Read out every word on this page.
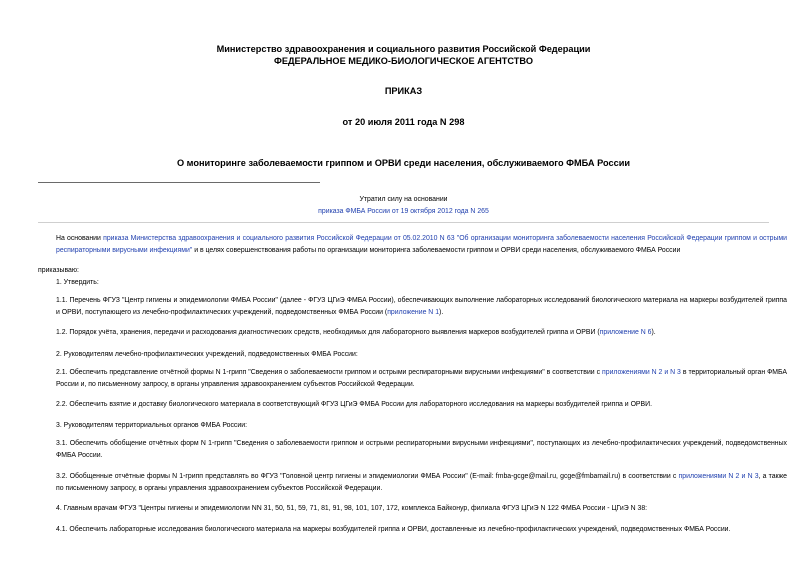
Министерство здравоохранения и социального развития Российской Федерации
ФЕДЕРАЛЬНОЕ МЕДИКО-БИОЛОГИЧЕСКОЕ АГЕНТСТВО
ПРИКАЗ
от 20 июля 2011 года N 298
О мониторинге заболеваемости гриппом и ОРВИ среди населения, обслуживаемого ФМБА России
Утратил силу на основании
приказа ФМБА России от 19 октября 2012 года N 265
На основании приказа Министерства здравоохранения и социального развития Российской Федерации от 05.02.2010 N 63 "Об организации мониторинга заболеваемости населения Российской Федерации гриппом и острыми респираторными вирусными инфекциями" и в целях совершенствования работы по организации мониторинга заболеваемости гриппом и ОРВИ среди населения, обслуживаемого ФМБА России
приказываю:
1. Утвердить:
1.1. Перечень ФГУЗ "Центр гигиены и эпидемиологии ФМБА России" (далее - ФГУЗ ЦГиЭ ФМБА России), обеспечивающих выполнение лабораторных исследований биологического материала на маркеры возбудителей гриппа и ОРВИ, поступающего из лечебно-профилактических учреждений, подведомственных ФМБА России (приложение N 1).
1.2. Порядок учёта, хранения, передачи и расходования диагностических средств, необходимых для лабораторного выявления маркеров возбудителей гриппа и ОРВИ (приложение N 6).
2. Руководителям лечебно-профилактических учреждений, подведомственных ФМБА России:
2.1. Обеспечить представление отчётной формы N 1-грипп "Сведения о заболеваемости гриппом и острыми респираторными вирусными инфекциями" в соответствии с приложениями N 2 и N 3 в территориальный орган ФМБА России и, по письменному запросу, в органы управления здравоохранением субъектов Российской Федерации.
2.2. Обеспечить взятие и доставку биологического материала в соответствующий ФГУЗ ЦГиЭ ФМБА России для лабораторного исследования на маркеры возбудителей гриппа и ОРВИ.
3. Руководителям территориальных органов ФМБА России:
3.1. Обеспечить обобщение отчётных форм N 1-грипп "Сведения о заболеваемости гриппом и острыми респираторными вирусными инфекциями", поступающих из лечебно-профилактических учреждений, подведомственных ФМБА России.
3.2. Обобщенные отчётные формы N 1-грипп представлять во ФГУЗ "Головной центр гигиены и эпидемиологии ФМБА России" (E-mail: fmba-gcge@mail.ru, gcge@fmbamail.ru) в соответствии с приложениями N 2 и N 3, а также по письменному запросу, в органы управления здравоохранением субъектов Российской Федерации.
4. Главным врачам ФГУЗ "Центры гигиены и эпидемиологии NN 31, 50, 51, 59, 71, 81, 91, 98, 101, 107, 172, комплекса Байконур, филиала ФГУЗ ЦГиЭ N 122 ФМБА России - ЦГиЭ N 38:
4.1. Обеспечить лабораторные исследования биологического материала на маркеры возбудителей гриппа и ОРВИ, доставленные из лечебно-профилактических учреждений, подведомственных ФМБА России.
